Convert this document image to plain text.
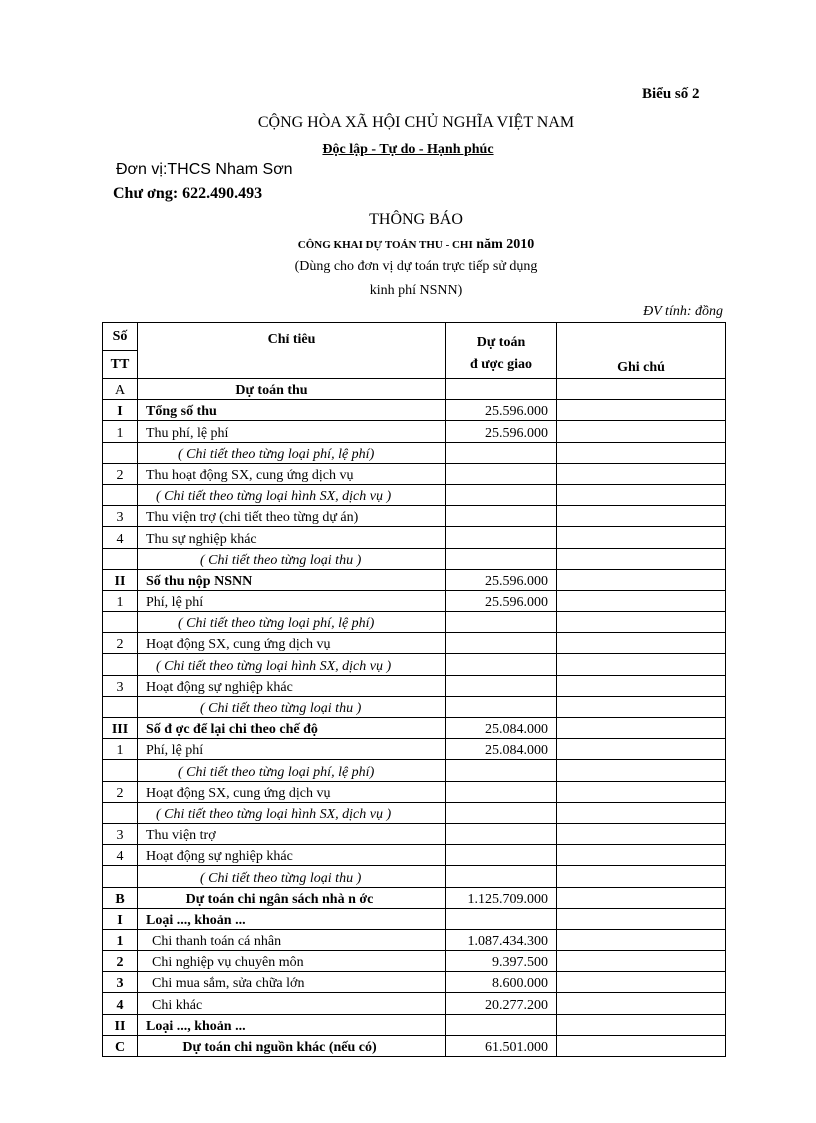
Biểu số 2
CỘNG HÒA XÃ HỘI CHỦ NGHĨA VIỆT NAM
Độc lập - Tự do - Hạnh phúc
Đơn vị:THCS Nham Sơn
Chư ơng: 622.490.493
THÔNG BÁO
CÔNG KHAI DỰ TOÁN THU - CHI năm 2010
(Dùng cho đơn vị dự toán trực tiếp sử dụng
kinh phí NSNN)
ĐV tính: đồng
Số	Chỉ tiêu	Dự toán	Ghi chú
TT		đ ược giao	
A	Dự toán thu		
I	Tổng số thu	25.596.000	
1	Thu phí, lệ phí	25.596.000	
	( Chi tiết theo từng loại phí, lệ phí)		
2	Thu hoạt động SX, cung ứng dịch vụ		
	( Chi tiết theo từng loại hình SX, dịch vụ )		
3	Thu viện trợ (chi tiết theo từng dự án)		
4	Thu sự nghiệp khác		
	( Chi tiết theo từng loại thu )		
II	Số thu nộp NSNN	25.596.000	
1	Phí, lệ phí	25.596.000	
	( Chi tiết theo từng loại phí, lệ phí)		
2	Hoạt động SX, cung ứng dịch vụ		
	( Chi tiết theo từng loại hình SX, dịch vụ )		
3	Hoạt động sự nghiệp khác		
	( Chi tiết theo từng loại thu )		
III	Số đ ợc để lại chi theo chế độ	25.084.000	
1	Phí, lệ phí	25.084.000	
	( Chi tiết theo từng loại phí, lệ phí)		
2	Hoạt động SX, cung ứng dịch vụ		
	( Chi tiết theo từng loại hình SX, dịch vụ )		
3	Thu viện trợ		
4	Hoạt động sự nghiệp khác		
	( Chi tiết theo từng loại thu )		
B	Dự toán chi ngân sách nhà n ớc	1.125.709.000	
I	Loại ..., khoản ...		
1	Chi thanh toán cá nhân	1.087.434.300	
2	Chi nghiệp vụ chuyên môn	9.397.500	
3	Chi mua sắm, sửa chữa lớn	8.600.000	
4	Chi khác	20.277.200	
II	Loại ..., khoản ...		
C	Dự toán chi nguồn khác (nếu có)	61.501.000	
